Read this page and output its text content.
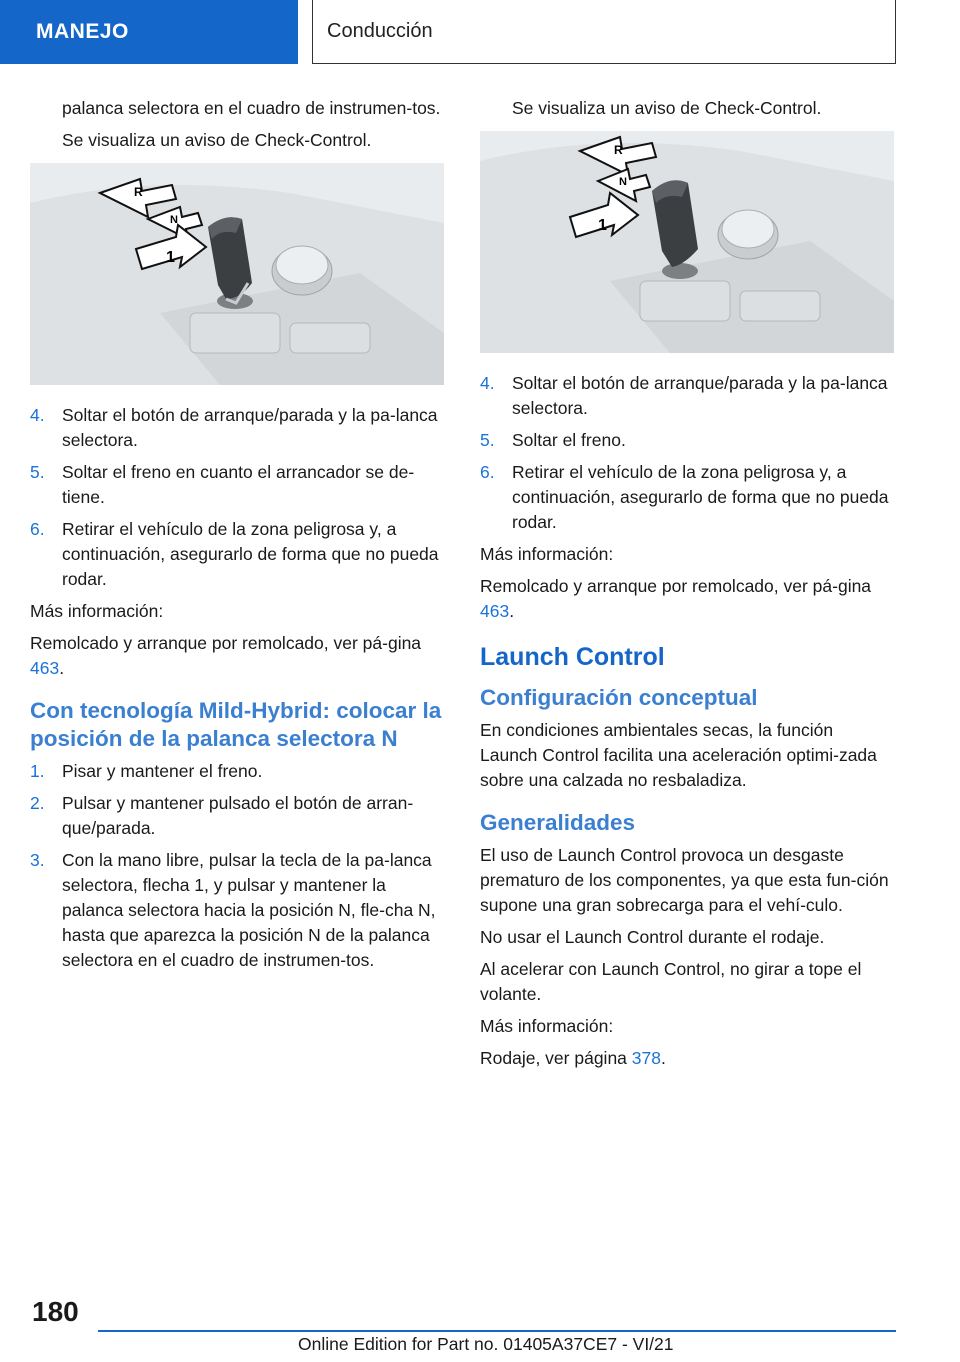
MANEJO	Conducción

palanca selectora en el cuadro de instrumen-tos.

Se visualiza un aviso de Check-Control.

R
N
1
4. Soltar el botón de arranque/parada y la pa-lanca selectora.
5. Soltar el freno en cuanto el arrancador se de-tiene.
6. Retirar el vehículo de la zona peligrosa y, a continuación, asegurarlo de forma que no pueda rodar.

Más información:

Remolcado y arranque por remolcado, ver pá-gina 463.

Con tecnología Mild-Hybrid: colocar la posición de la palanca selectora N
1. Pisar y mantener el freno.
2. Pulsar y mantener pulsado el botón de arran-que/parada.
3. Con la mano libre, pulsar la tecla de la pa-lanca selectora, flecha 1, y pulsar y mantener la palanca selectora hacia la posición N, fle-cha N, hasta que aparezca la posición N de la palanca selectora en el cuadro de instrumen-tos.

Se visualiza un aviso de Check-Control.

R
N
1
4. Soltar el botón de arranque/parada y la pa-lanca selectora.
5. Soltar el freno.
6. Retirar el vehículo de la zona peligrosa y, a continuación, asegurarlo de forma que no pueda rodar.

Más información:

Remolcado y arranque por remolcado, ver pá-gina 463.

Launch Control
Configuración conceptual

En condiciones ambientales secas, la función Launch Control facilita una aceleración optimi-zada sobre una calzada no resbaladiza.

Generalidades

El uso de Launch Control provoca un desgaste prematuro de los componentes, ya que esta fun-ción supone una gran sobrecarga para el vehí-culo.

No usar el Launch Control durante el rodaje.

Al acelerar con Launch Control, no girar a tope el volante.

Más información:

Rodaje, ver página 378.

180
Online Edition for Part no. 01405A37CE7 - VI/21
